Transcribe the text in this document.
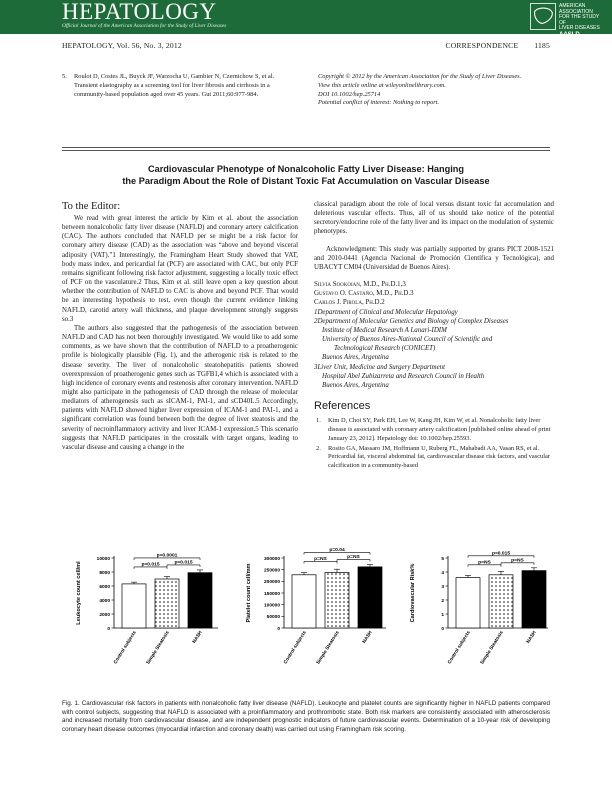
HEPATOLOGY
Official Journal of the American Association for the Study of Liver Diseases
AMERICAN ASSOCIATION
FOR THE STUDY OF
LIVER DISEASES
AASLD
HEPATOLOGY, Vol. 56, No. 3, 2012	CORRESPONDENCE 1185
5. Roulot D, Costes JL, Buyck JF, Warzocha U, Gambier N, Czernichow S, et al. Transient elastography as a screening tool for liver fibrosis and cirrhosis in a community-based population aged over 45 years. Gut 2011;60:977-984.
Copyright © 2012 by the American Association for the Study of Liver Diseases.
View this article online at wileyonlinelibrary.com.
DOI 10.1002/hep.25714
Potential conflict of interest: Nothing to report.
Cardiovascular Phenotype of Nonalcoholic Fatty Liver Disease: Hanging
the Paradigm About the Role of Distant Toxic Fat Accumulation on Vascular Disease

To the Editor:

We read with great interest the article by Kim et al. about the association between nonalcoholic fatty liver disease (NAFLD) and coronary artery calcification (CAC). The authors concluded that NAFLD per se might be a risk factor for coronary artery disease (CAD) as the association was “above and beyond visceral adiposity (VAT).”1 Interestingly, the Framingham Heart Study showed that VAT, body mass index, and pericardial fat (PCF) are associated with CAC, but only PCF remains significant following risk factor adjustment, suggesting a locally toxic effect of PCF on the vasculature.2 Thus, Kim et al. still leave open a key question about whether the contribution of NAFLD to CAC is above and beyond PCF. That would be an interesting hypothesis to test, even though the current evidence linking NAFLD, carotid artery wall thickness, and plaque development strongly suggests so.3

The authors also suggested that the pathogenesis of the association between NAFLD and CAD has not been thoroughly investigated. We would like to add some comments, as we have shown that the contribution of NAFLD to a proatherogenic profile is biologically plausible (Fig. 1), and the atherogenic risk is related to the disease severity. The liver of nonalcoholic steatohepatitis patients showed overexpression of proatherogenic genes such as TGFB1,4 which is associated with a high incidence of coronary events and restenosis after coronary intervention. NAFLD might also participate in the pathogenesis of CAD through the release of molecular mediators of atherogenesis such as sICAM-1, PAI-1, and sCD40L.5 Accordingly, patients with NAFLD showed higher liver expression of ICAM-1 and PAI-1, and a significant correlation was found between both the degree of liver steatosis and the severity of necroinflammatory activity and liver ICAM-1 expression.5 This scenario suggests that NAFLD participates in the crosstalk with target organs, leading to vascular disease and causing a change in the

classical paradigm about the role of local versus distant toxic fat accumulation and deleterious vascular effects. Thus, all of us should take notice of the potential secretory/endocrine role of the fatty liver and its impact on the modulation of systemic phenotypes.

Acknowledgment: This study was partially supported by grants PICT 2008-1521 and 2010-0441 (Agencia Nacional de Promoción Científica y Tecnológica), and UBACYT CM04 (Universidad de Buenos Aires).

Silvia Sookoian, M.D., Ph.D.1,3
Gustavo O. Castaño, M.D., Ph.D.3
Carlos J. Pirola, Ph.D.2
1Department of Clinical and Molecular Hepatology
2Department of Molecular Genetics and Biology of Complex Diseases
Institute of Medical Research A Lanari-IDIM
University of Buenos Aires-National Council of Scientific and
Technological Research (CONICET)
Buenos Aires, Argentina
3Liver Unit, Medicine and Surgery Department
Hospital Abel Zubizarreta and Research Council in Health
Buenos Aires, Argentina
References
1. Kim D, Choi SY, Park EH, Lee W, Kang JH, Kim W, et al. Nonalcoholic fatty liver disease is associated with coronary artery calcification [published online ahead of print January 23, 2012]. Hepatology doi: 10.1002/hep.25593.
2. Rosito GA, Massaro JM, Hoffmann U, Ruberg FL, Mahabadi AA, Vasan RS, et al. Pericardial fat, visceral abdominal fat, cardiovascular disease risk factors, and vascular calcification in a community-based
0
2000
4000
6000
8000
10000
Leukocyte count cell/ml
Control subjects Simple Steatosis	NASH
p=0.0001
p=0.015	p=0.015
0
50000
100000
150000
200000
250000
300000
Platelet count cell/mm
Control subjects Simple Steatosis	NASH
p=0.04
p=NS	p=NS
0
1
2
3
4
5
Cardiovascular Risk%
Control subjects Simple Steatosis	NASH
p=0.015
p=NS	p=NS
Fig. 1. Cardiovascular risk factors in patients with nonalcoholic fatty liver disease (NAFLD). Leukocyte and platelet counts are significantly higher in NAFLD patients compared with control subjects, suggesting that NAFLD is associated with a proinflammatory and prothrombotic state. Both risk markers are consistently associated with atherosclerosis and increased mortality from cardiovascular disease, and are independent prognostic indicators of future cardiovascular events. Determination of a 10-year risk of developing coronary heart disease outcomes (myocardial infarction and coronary death) was carried out using Framingham risk scoring.
